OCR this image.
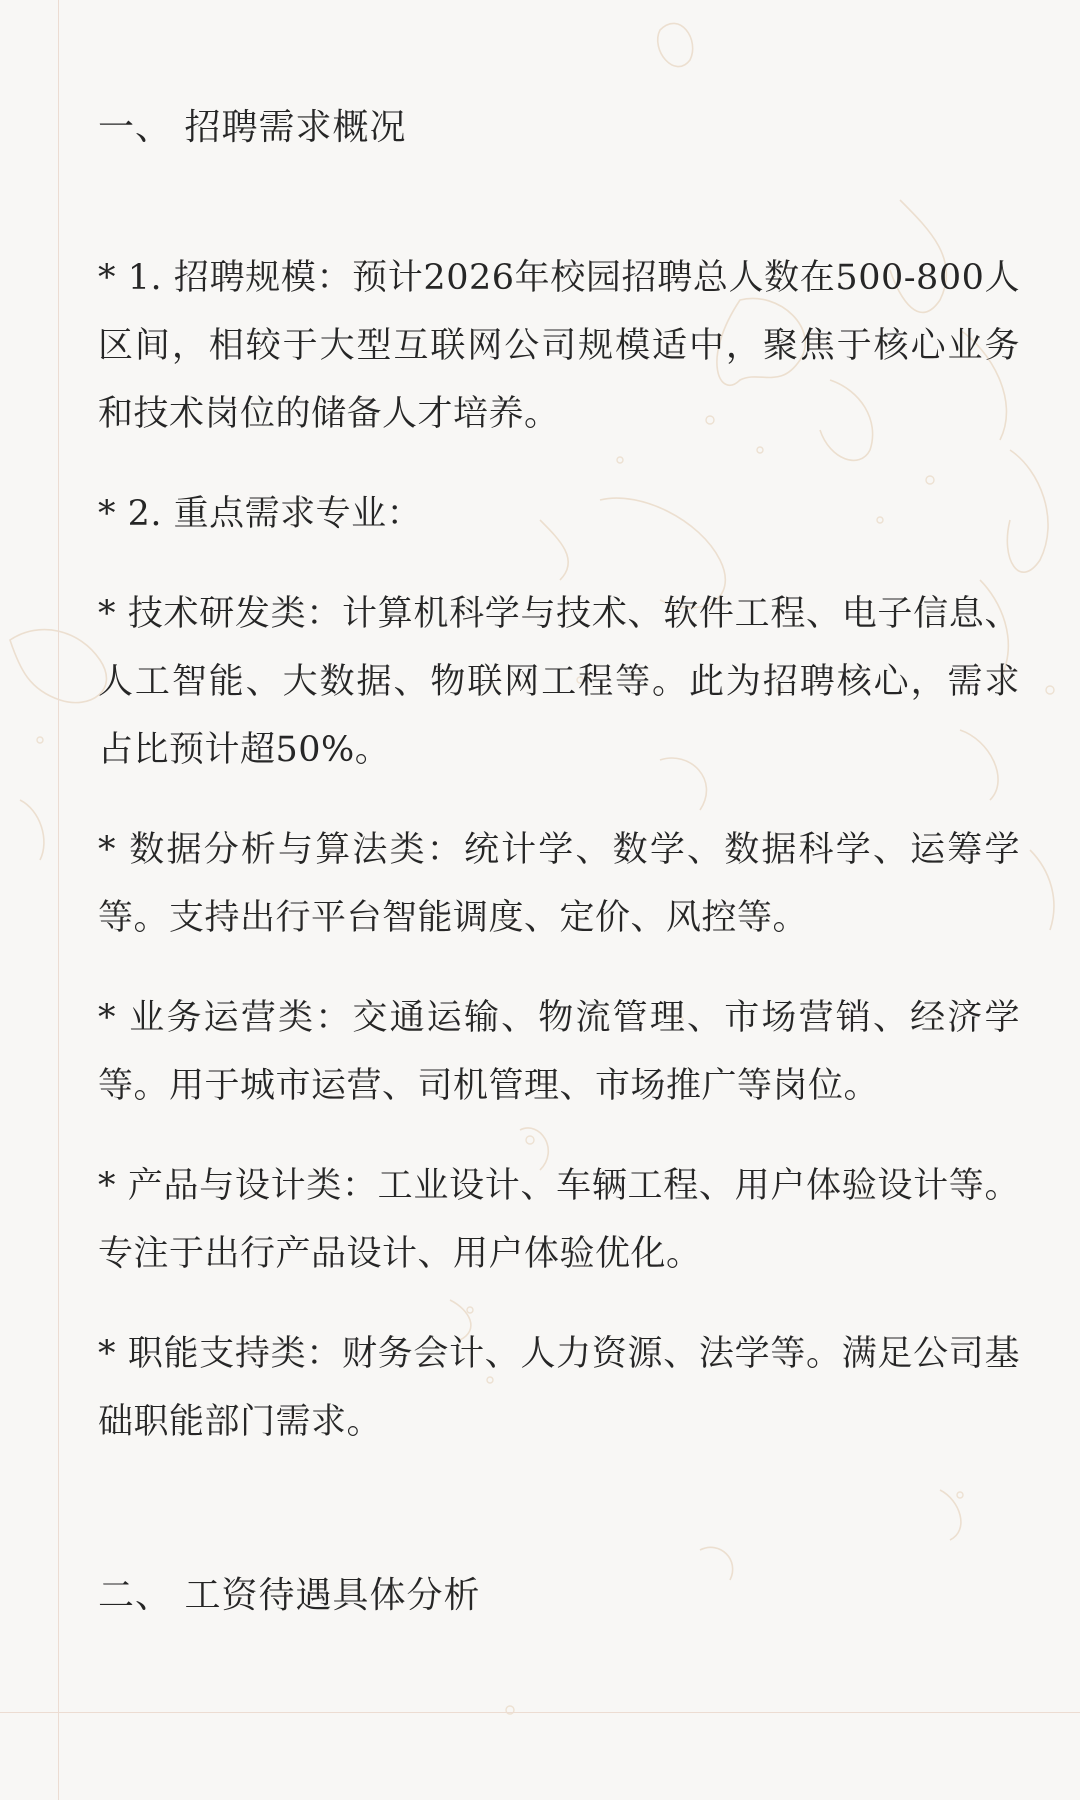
一、 招聘需求概况

* 1. 招聘规模：预计2026年校园招聘总人数在500-800人区间，相较于大型互联网公司规模适中，聚焦于核心业务和技术岗位的储备人才培养。

* 2. 重点需求专业：

* 技术研发类：计算机科学与技术、软件工程、电子信息、人工智能、大数据、物联网工程等。此为招聘核心，需求占比预计超50%。

* 数据分析与算法类：统计学、数学、数据科学、运筹学等。支持出行平台智能调度、定价、风控等。

* 业务运营类：交通运输、物流管理、市场营销、经济学等。用于城市运营、司机管理、市场推广等岗位。

* 产品与设计类：工业设计、车辆工程、用户体验设计等。专注于出行产品设计、用户体验优化。

* 职能支持类：财务会计、人力资源、法学等。满足公司基础职能部门需求。

二、 工资待遇具体分析
